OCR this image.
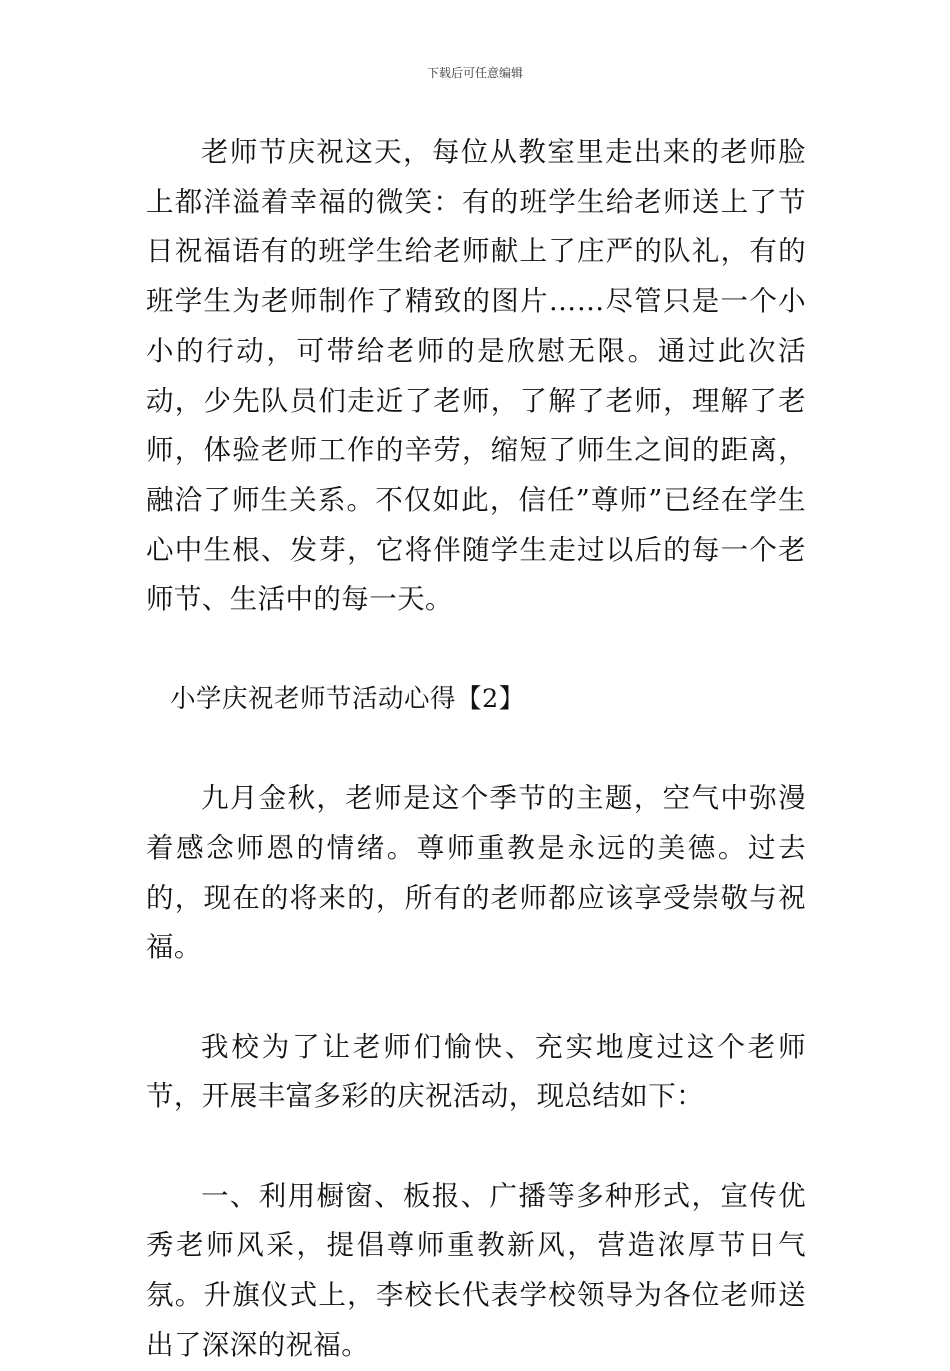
下载后可任意编辑

老师节庆祝这天，每位从教室里走出来的老师脸上都洋溢着幸福的微笑：有的班学生给老师送上了节日祝福语有的班学生给老师献上了庄严的队礼，有的班学生为老师制作了精致的图片……尽管只是一个小小的行动，可带给老师的是欣慰无限。通过此次活动，少先队员们走近了老师，了解了老师，理解了老师，体验老师工作的辛劳，缩短了师生之间的距离，融洽了师生关系。不仅如此，信任”尊师”已经在学生心中生根、发芽，它将伴随学生走过以后的每一个老师节、生活中的每一天。

小学庆祝老师节活动心得【2】

九月金秋，老师是这个季节的主题，空气中弥漫着感念师恩的情绪。尊师重教是永远的美德。过去的，现在的将来的，所有的老师都应该享受崇敬与祝福。

我校为了让老师们愉快、充实地度过这个老师节，开展丰富多彩的庆祝活动，现总结如下：

一、利用橱窗、板报、广播等多种形式，宣传优秀老师风采，提倡尊师重教新风，营造浓厚节日气氛。升旗仪式上，李校长代表学校领导为各位老师送出了深深的祝福。
